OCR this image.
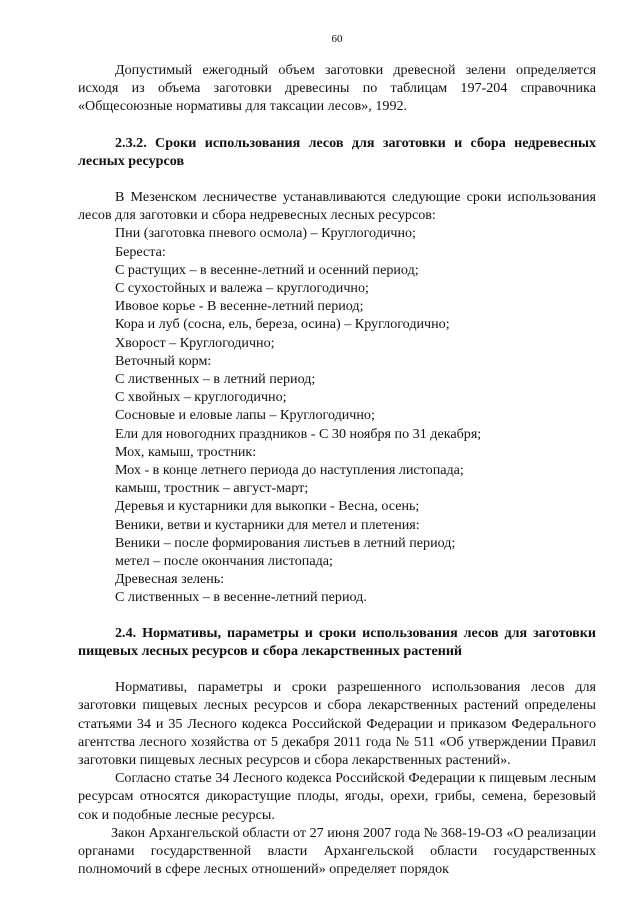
60

Допустимый ежегодный объем заготовки древесной зелени определяется исходя из объема заготовки древесины по таблицам 197-204 справочника «Общесоюзные нормативы для таксации лесов», 1992.

2.3.2. Сроки использования лесов для заготовки и сбора недревесных лесных ресурсов

В Мезенском лесничестве устанавливаются следующие сроки использования лесов для заготовки и сбора недревесных лесных ресурсов:

Пни (заготовка пневого осмола) – Круглогодично;
Береста:
С растущих – в весенне-летний и осенний период;
С сухостойных и валежа – круглогодично;
Ивовое корье - В весенне-летний период;
Кора и луб (сосна, ель, береза, осина) – Круглогодично;
Хворост – Круглогодично;
Веточный корм:
С лиственных – в летний период;
С хвойных – круглогодично;
Сосновые и еловые лапы – Круглогодично;
Ели для новогодних праздников - С 30 ноября по 31 декабря;
Мох, камыш, тростник:
Мох - в конце летнего периода до наступления листопада;
камыш, тростник – август-март;
Деревья и кустарники для выкопки - Весна, осень;
Веники, ветви и кустарники для метел и плетения:
Веники – после формирования листьев в летний период;
метел – после окончания листопада;
Древесная зелень:
С лиственных – в весенне-летний период.

2.4. Нормативы, параметры и сроки использования лесов для заготовки пищевых лесных ресурсов и сбора лекарственных растений

Нормативы, параметры и сроки разрешенного использования лесов для заготовки пищевых лесных ресурсов и сбора лекарственных растений определены статьями 34 и 35 Лесного кодекса Российской Федерации и приказом Федерального агентства лесного хозяйства от 5 декабря 2011 года № 511 «Об утверждении Правил заготовки пищевых лесных ресурсов и сбора лекарственных растений».

Согласно статье 34 Лесного кодекса Российской Федерации к пищевым лесным ресурсам относятся дикорастущие плоды, ягоды, орехи, грибы, семена, березовый сок и подобные лесные ресурсы.

Закон Архангельской области от 27 июня 2007 года № 368-19-ОЗ «О реализации органами государственной власти Архангельской области государственных полномочий в сфере лесных отношений» определяет порядок
